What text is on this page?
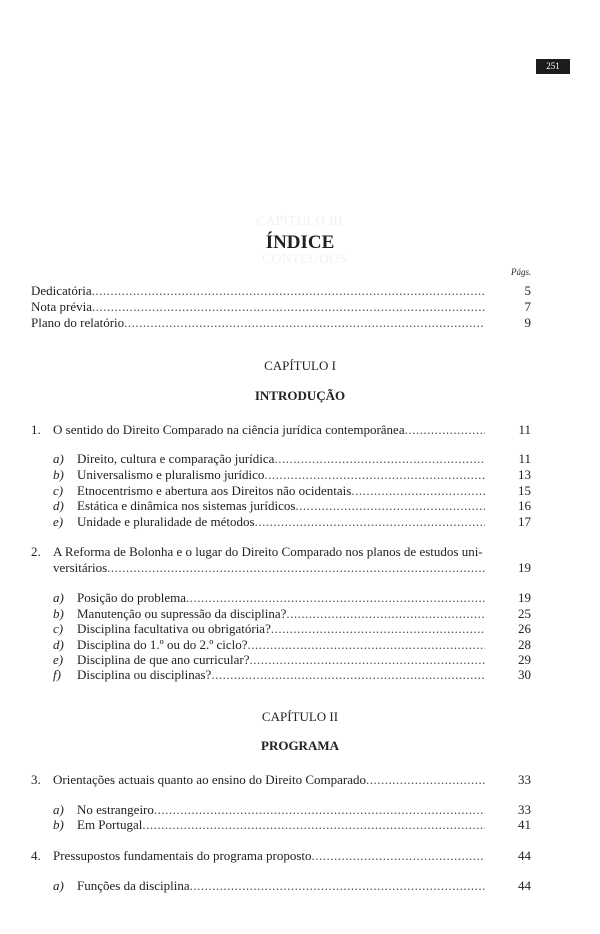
251
CAPÍTULO III
CONTEÚDOS
ÍNDICE
Págs.
Dedicatória .....	5
Nota prévia .....	7
Plano do relatório .....	9
CAPÍTULO I
INTRODUÇÃO
1. O sentido do Direito Comparado na ciência jurídica contemporânea .....	11
a)	Direito, cultura e comparação jurídica .....	11
b)	Universalismo e pluralismo jurídico .....	13
c)	Etnocentrismo e abertura aos Direitos não ocidentais .....	15
d)	Estática e dinâmica nos sistemas jurídicos .....	16
e)	Unidade e pluralidade de métodos .....	17
2. A Reforma de Bolonha e o lugar do Direito Comparado nos planos de estudos uni-
versitários .....	19
a)	Posição do problema .....	19
b)	Manutenção ou supressão da disciplina? .....	25
c)	Disciplina facultativa ou obrigatória? .....	26
d)	Disciplina do 1.º ou do 2.º ciclo? .....	28
e)	Disciplina de que ano curricular? .....	29
f)	Disciplina ou disciplinas? .....	30
CAPÍTULO II
PROGRAMA
3. Orientações actuais quanto ao ensino do Direito Comparado .....	33
a)	No estrangeiro .....	33
b)	Em Portugal .....	41
4. Pressupostos fundamentais do programa proposto .....	44
a)	Funções da disciplina .....	44
